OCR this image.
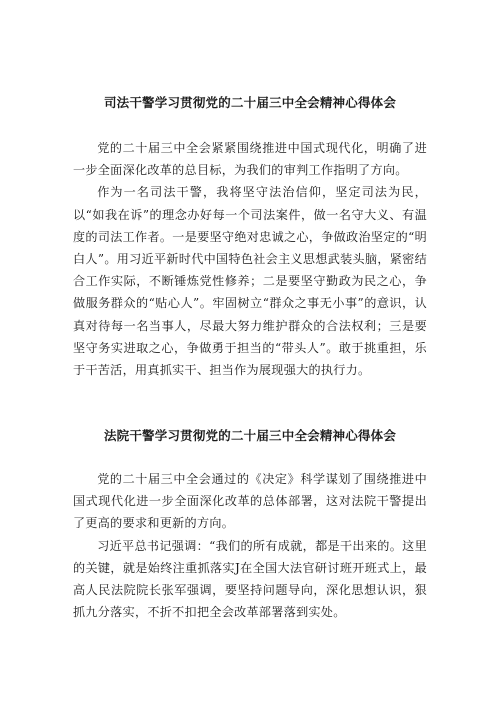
司法干警学习贯彻党的二十届三中全会精神心得体会

党的二十届三中全会紧紧围绕推进中国式现代化，明确了进一步全面深化改革的总目标，为我们的审判工作指明了方向。

作为一名司法干警，我将坚守法治信仰，坚定司法为民，以“如我在诉”的理念办好每一个司法案件，做一名守大义、有温度的司法工作者。一是要坚守绝对忠诚之心，争做政治坚定的“明白人”。用习近平新时代中国特色社会主义思想武装头脑，紧密结合工作实际，不断锤炼党性修养；二是要坚守勤政为民之心，争做服务群众的“贴心人”。牢固树立“群众之事无小事”的意识，认真对待每一名当事人，尽最大努力维护群众的合法权利；三是要坚守务实进取之心，争做勇于担当的“带头人”。敢于挑重担，乐于干苦活，用真抓实干、担当作为展现强大的执行力。

法院干警学习贯彻党的二十届三中全会精神心得体会

党的二十届三中全会通过的《决定》科学谋划了围绕推进中国式现代化进一步全面深化改革的总体部署，这对法院干警提出了更高的要求和更新的方向。

习近平总书记强调：“我们的所有成就，都是干出来的。这里的关键，就是始终注重抓落实J在全国大法官研讨班开班式上，最高人民法院院长张军强调，要坚持问题导向，深化思想认识，狠抓九分落实，不折不扣把全会改革部署落到实处。
